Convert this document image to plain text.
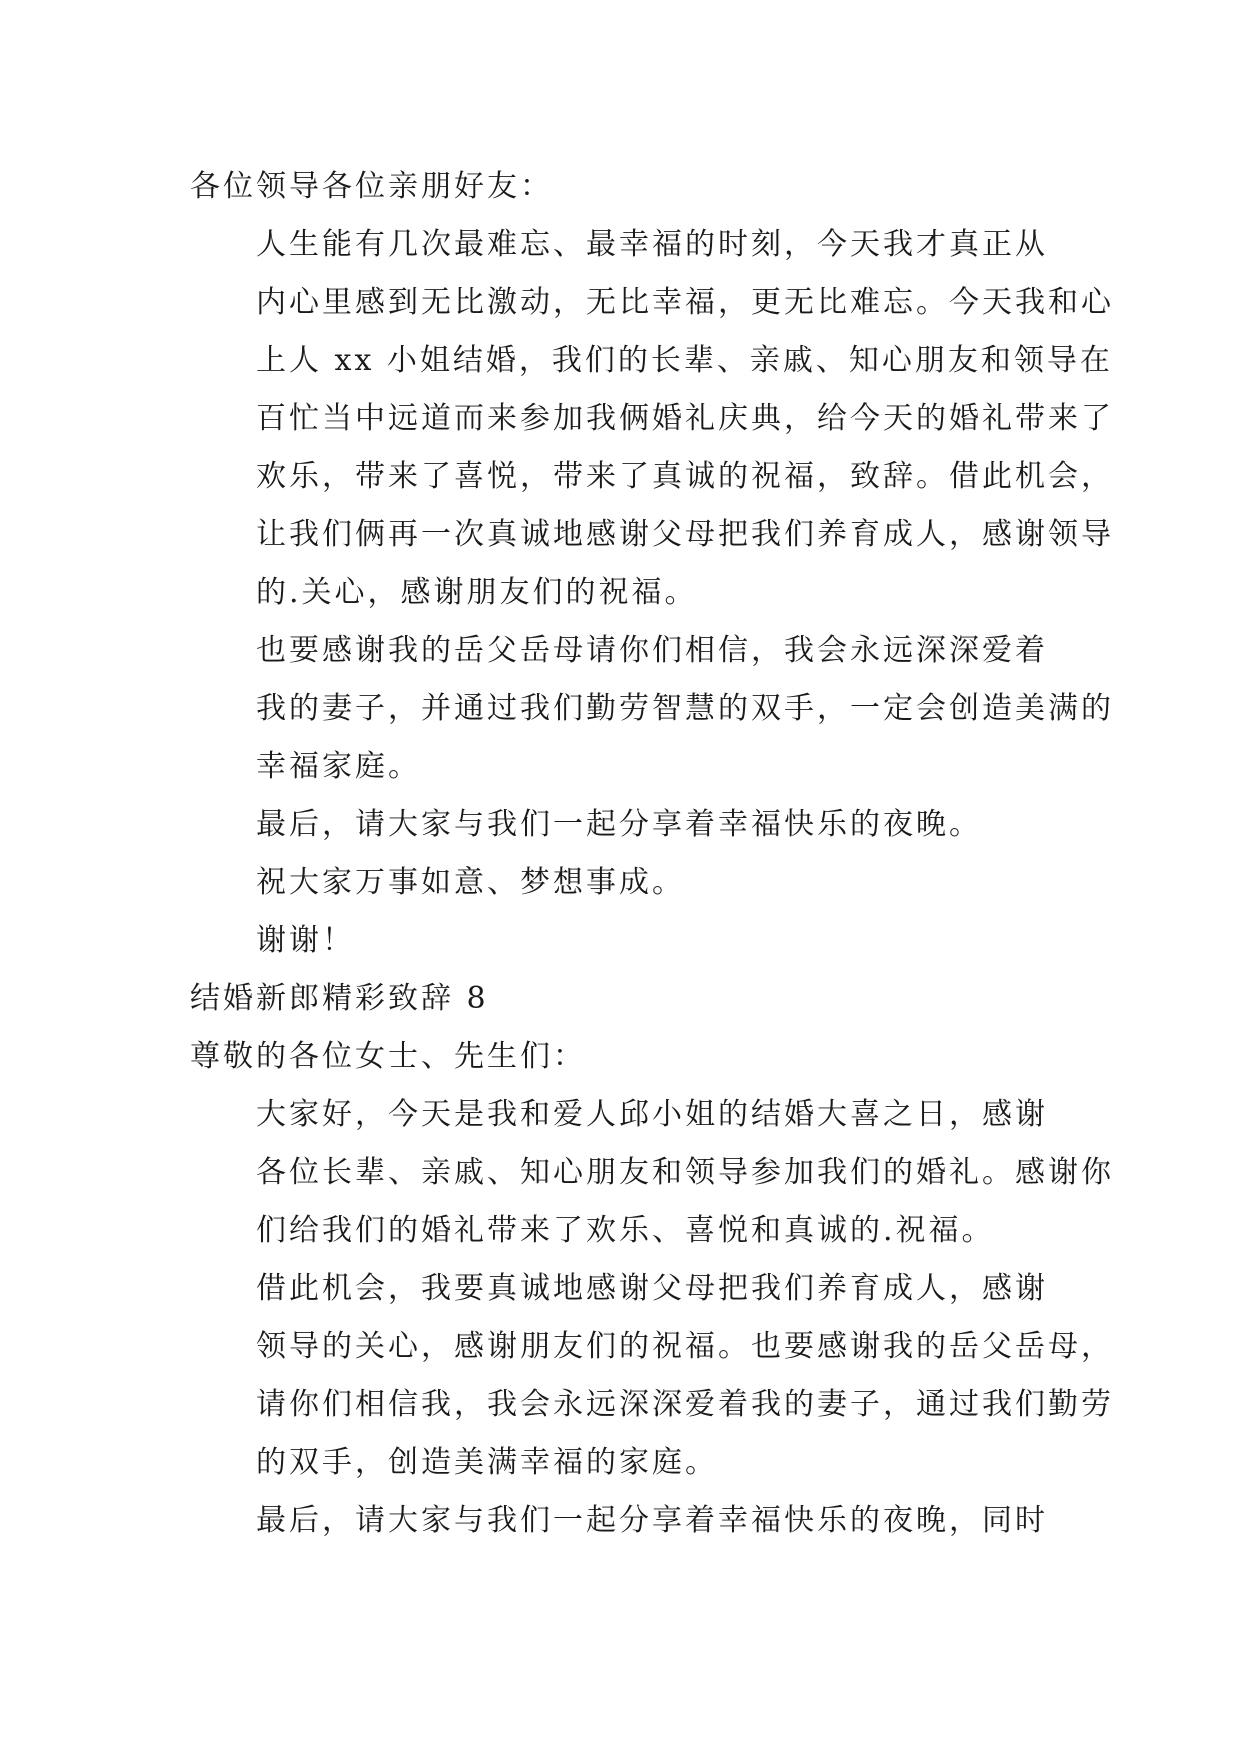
各位领导各位亲朋好友：

人生能有几次最难忘、最幸福的时刻，今天我才真正从
内心里感到无比激动，无比幸福，更无比难忘。今天我和心
上人 xx 小姐结婚，我们的长辈、亲戚、知心朋友和领导在
百忙当中远道而来参加我俩婚礼庆典，给今天的婚礼带来了
欢乐，带来了喜悦，带来了真诚的祝福，致辞。借此机会，
让我们俩再一次真诚地感谢父母把我们养育成人，感谢领导
的.关心，感谢朋友们的祝福。

也要感谢我的岳父岳母请你们相信，我会永远深深爱着
我的妻子，并通过我们勤劳智慧的双手，一定会创造美满的
幸福家庭。

最后，请大家与我们一起分享着幸福快乐的夜晚。

祝大家万事如意、梦想事成。

谢谢！

结婚新郎精彩致辞 8

尊敬的各位女士、先生们：

大家好，今天是我和爱人邱小姐的结婚大喜之日，感谢
各位长辈、亲戚、知心朋友和领导参加我们的婚礼。感谢你
们给我们的婚礼带来了欢乐、喜悦和真诚的.祝福。

借此机会，我要真诚地感谢父母把我们养育成人，感谢
领导的关心，感谢朋友们的祝福。也要感谢我的岳父岳母，
请你们相信我，我会永远深深爱着我的妻子，通过我们勤劳
的双手，创造美满幸福的家庭。

最后，请大家与我们一起分享着幸福快乐的夜晚，同时
